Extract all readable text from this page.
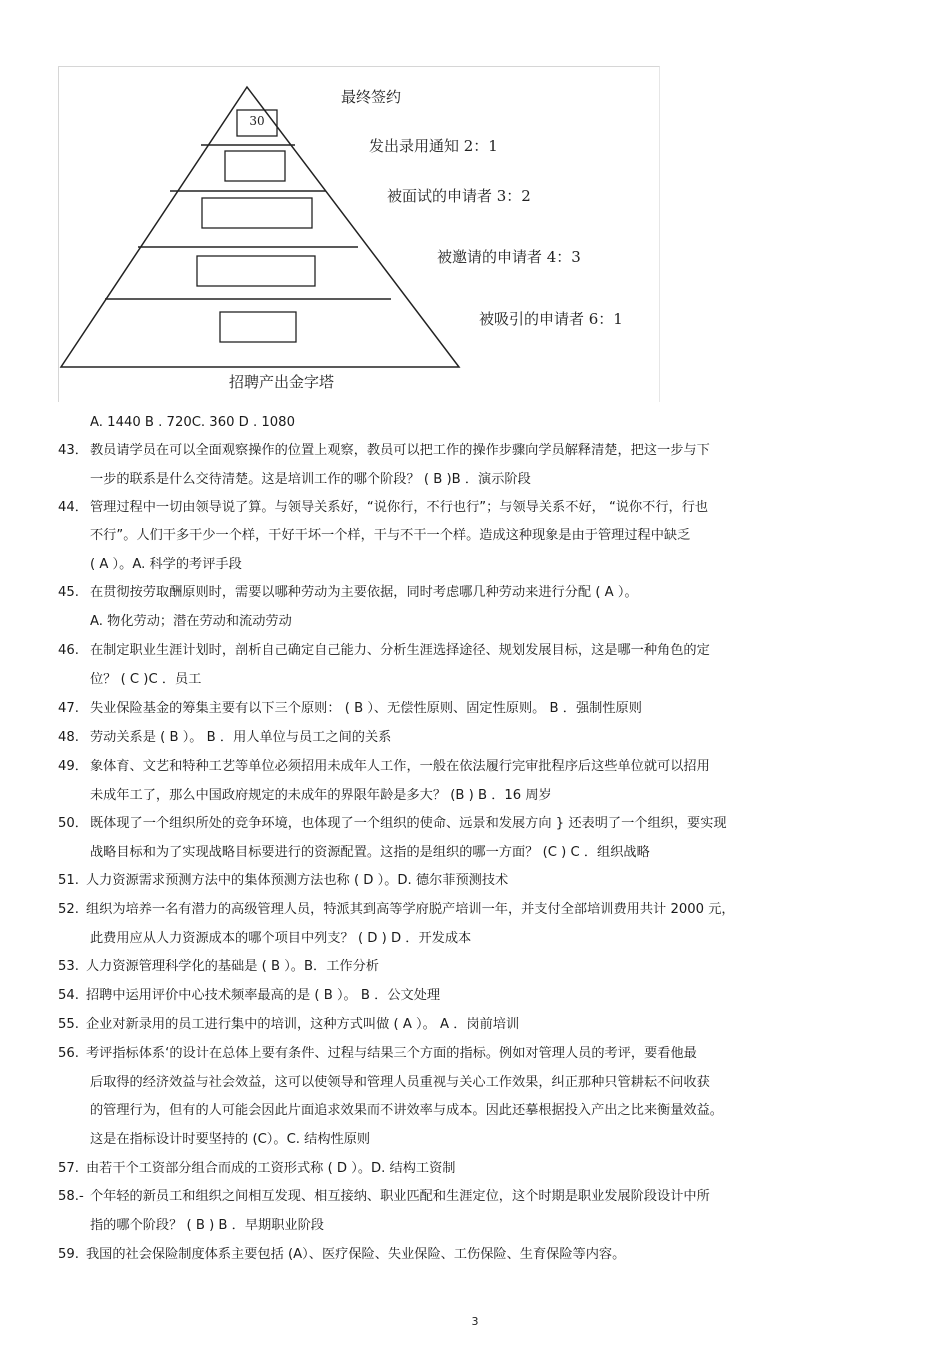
30
最终签约
发出录用通知 2：1
被面试的申请者 3：2
被邀请的申请者 4：3
被吸引的申请者 6：1
招聘产出金字塔
A. 1440 B . 720C. 360 D . 1080
43． 教员请学员在可以全面观察操作的位置上观察，教员可以把工作的操作步骤向学员解释清楚，把这一步与下
一步的联系是什么交待清楚。这是培训工作的哪个阶段？ ( B )B ．演示阶段
44． 管理过程中一切由领导说了算。与领导关系好，“说你行，不行也行”；与领导关系不好， “说你不行，行也
不行”。人们干多干少一个样，干好干坏一个样，干与不干一个样。造成这种现象是由于管理过程中缺乏
( A ）。A. 科学的考评手段
45. 在贯彻按劳取酬原则时，需要以哪种劳动为主要依据，同时考虑哪几种劳动来进行分配 ( A ）。
A. 物化劳动；潜在劳动和流动劳动
46. 在制定职业生涯计划时，剖析自己确定自己能力、分析生涯选择途径、规划发展目标，这是哪一种角色的定
位？ ( C )C ．员工
47. 失业保险基金的筹集主要有以下三个原则： ( B ）、无偿性原则、固定性原则。 B ．强制性原则
48. 劳动关系是 ( B ）。 B ．用人单位与员工之间的关系
49． 象体育、文艺和特种工艺等单位必须招用未成年人工作，一般在依法履行完审批程序后这些单位就可以招用
未成年工了，那么中国政府规定的未成年的界限年龄是多大？ (B ) B ．16 周岁
50． 既体现了一个组织所处的竞争环境，也体现了一个组织的使命、远景和发展方向 } 还表明了一个组织，要实现
战略目标和为了实现战略目标要进行的资源配置。这指的是组织的哪一方面？ (C ) C ．组织战略
51. 人力资源需求预测方法中的集体预测方法也称 ( D ）。D. 德尔菲预测技术
52. 组织为培养一名有潜力的高级管理人员，特派其到高等学府脱产培训一年，并支付全部培训费用共计 2000 元，
此费用应从人力资源成本的哪个项目中列支？ ( D ) D ．开发成本
53. 人力资源管理科学化的基础是 ( B ）。B．工作分析
54. 招聘中运用评价中心技术频率最高的是 ( B ）。 B ．公文处理
55. 企业对新录用的员工进行集中的培训，这种方式叫做 ( A ）。 A ．岗前培训
56. 考评指标体系‘的设计在总体上要有条件、过程与结果三个方面的指标。例如对管理人员的考评，要看他最
后取得的经济效益与社会效益，这可以使领导和管理人员重视与关心工作效果，纠正那种只管耕耘不问收获
的管理行为，但有的人可能会因此片面追求效果而不讲效率与成本。因此还摹根据投入产出之比来衡量效益。
这是在指标设计时要坚持的 (C）。C. 结构性原则
57. 由若干个工资部分组合而成的工资形式称 ( D ）。D. 结构工资制
58.- 个年轻的新员工和组织之间相互发现、相互接纳、职业匹配和生涯定位，这个时期是职业发展阶段设计中所
指的哪个阶段？ ( B ) B ．早期职业阶段
59. 我国的社会保险制度体系主要包括 (A）、医疗保险、失业保险、工伤保险、生育保险等内容。
3
